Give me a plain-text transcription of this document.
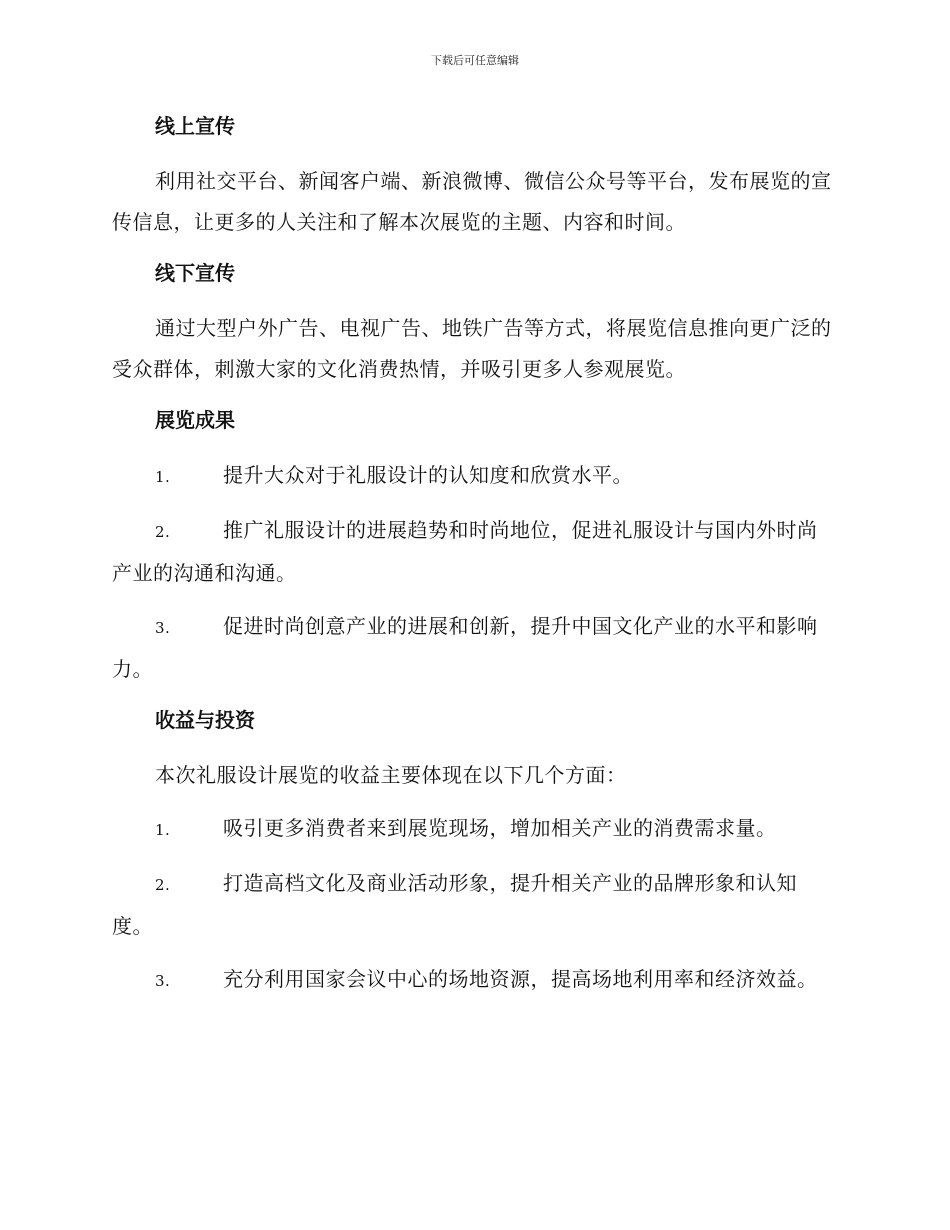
下载后可任意编辑
线上宣传

利用社交平台、新闻客户端、新浪微博、微信公众号等平台，发布展览的宣传信息，让更多的人关注和了解本次展览的主题、内容和时间。

线下宣传

通过大型户外广告、电视广告、地铁广告等方式，将展览信息推向更广泛的受众群体，刺激大家的文化消费热情，并吸引更多人参观展览。

展览成果
1.	提升大众对于礼服设计的认知度和欣赏水平。
2.	推广礼服设计的进展趋势和时尚地位，促进礼服设计与国内外时尚产业的沟通和沟通。
3.	促进时尚创意产业的进展和创新，提升中国文化产业的水平和影响力。
收益与投资

本次礼服设计展览的收益主要体现在以下几个方面：

1.	吸引更多消费者来到展览现场，增加相关产业的消费需求量。
2.	打造高档文化及商业活动形象，提升相关产业的品牌形象和认知度。
3.	充分利用国家会议中心的场地资源，提高场地利用率和经济效益。
